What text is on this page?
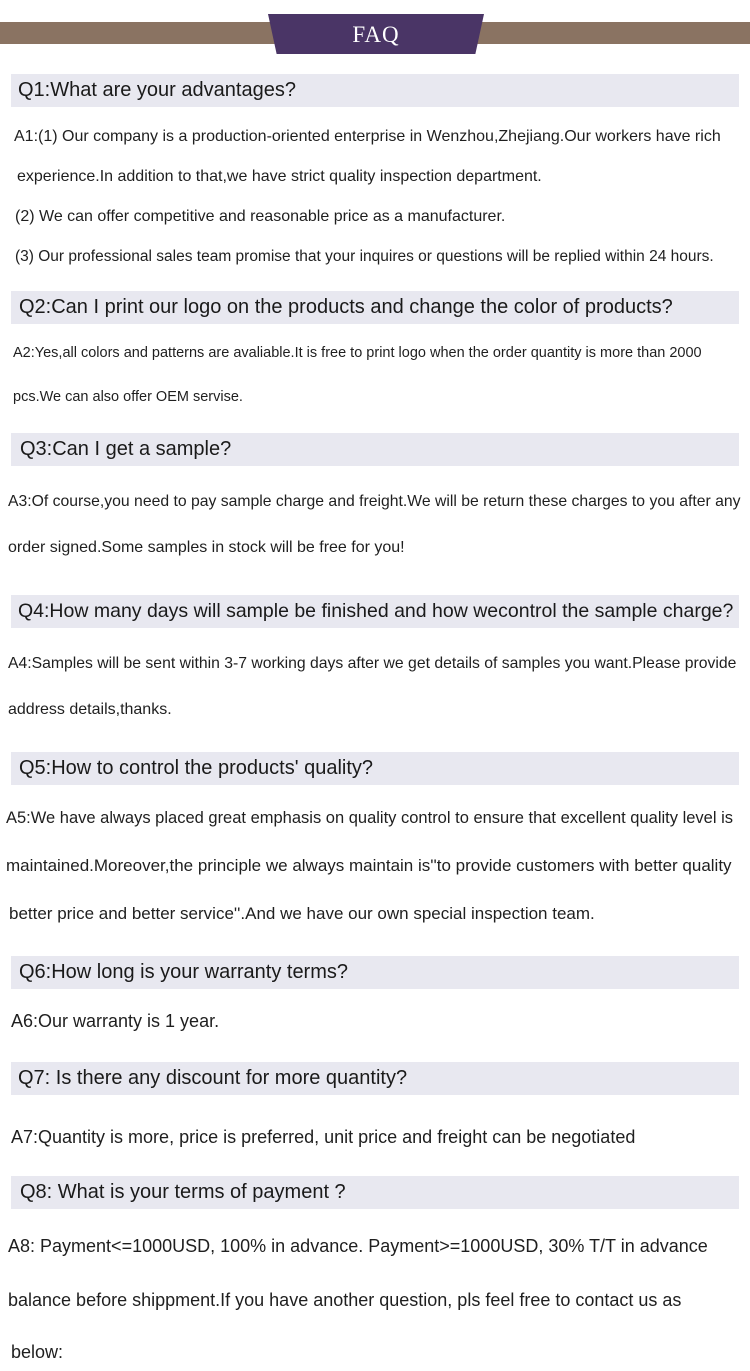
FAQ
Q1:What are your advantages?
A1:(1) Our company is a production-oriented enterprise in Wenzhou,Zhejiang.Our workers have rich
experience.In addition to that,we have strict quality inspection department.
(2) We can offer competitive and reasonable price as a manufacturer.
(3) Our professional sales team promise that your inquires or questions will be replied within 24 hours.
Q2:Can I print our logo on the products and change the color of products?
A2:Yes,all colors and patterns are avaliable.It is free to print logo when the order quantity is more than 2000
pcs.We can also offer OEM servise.
Q3:Can I get a sample?
A3:Of course,you need to pay sample charge and freight.We will be return these charges to you after any
order signed.Some samples in stock will be free for you!
Q4:How many days will sample be finished and how wecontrol the sample charge?
A4:Samples will be sent within 3-7 working days after we get details of samples you want.Please provide
address details,thanks.
Q5:How to control the products' quality?
A5:We have always placed great emphasis on quality control to ensure that excellent quality level is
maintained.Moreover,the principle we always maintain is''to provide customers with better quality
better price and better service''.And we have our own special inspection team.
Q6:How long is your warranty terms?
A6:Our warranty is 1 year.
Q7: Is there any discount for more quantity?
A7:Quantity is more, price is preferred, unit price and freight can be negotiated
Q8: What is your terms of payment ?
A8: Payment<=1000USD, 100% in advance. Payment>=1000USD, 30% T/T in advance
balance before shippment.If you have another question, pls feel free to contact us as
below:
